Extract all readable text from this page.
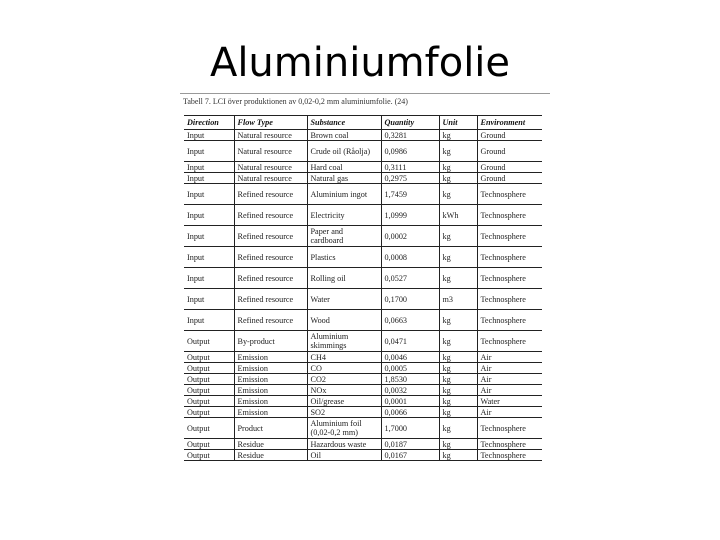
Aluminiumfolie
Tabell 7. LCI över produktionen av 0,02-0,2 mm aluminiumfolie. (24)
Direction	Flow Type	Substance	Quantity	Unit	Environment
Input	Natural resource	Brown coal	0,3281	kg	Ground
Input	Natural resource	Crude oil (Råolja)	0,0986	kg	Ground
Input	Natural resource	Hard coal	0,3111	kg	Ground
Input	Natural resource	Natural gas	0,2975	kg	Ground
Input	Refined resource	Aluminium ingot	1,7459	kg	Technosphere
Input	Refined resource	Electricity	1,0999	kWh	Technosphere
Input	Refined resource	Paper and cardboard	0,0002	kg	Technosphere
Input	Refined resource	Plastics	0,0008	kg	Technosphere
Input	Refined resource	Rolling oil	0,0527	kg	Technosphere
Input	Refined resource	Water	0,1700	m3	Technosphere
Input	Refined resource	Wood	0,0663	kg	Technosphere
Output	By-product	Aluminium skimmings	0,0471	kg	Technosphere
Output	Emission	CH4	0,0046	kg	Air
Output	Emission	CO	0,0005	kg	Air
Output	Emission	CO2	1,8530	kg	Air
Output	Emission	NOx	0,0032	kg	Air
Output	Emission	Oil/grease	0,0001	kg	Water
Output	Emission	SO2	0,0066	kg	Air
Output	Product	Aluminium foil (0,02-0,2 mm)	1,7000	kg	Technosphere
Output	Residue	Hazardous waste	0,0187	kg	Technosphere
Output	Residue	Oil	0,0167	kg	Technosphere
